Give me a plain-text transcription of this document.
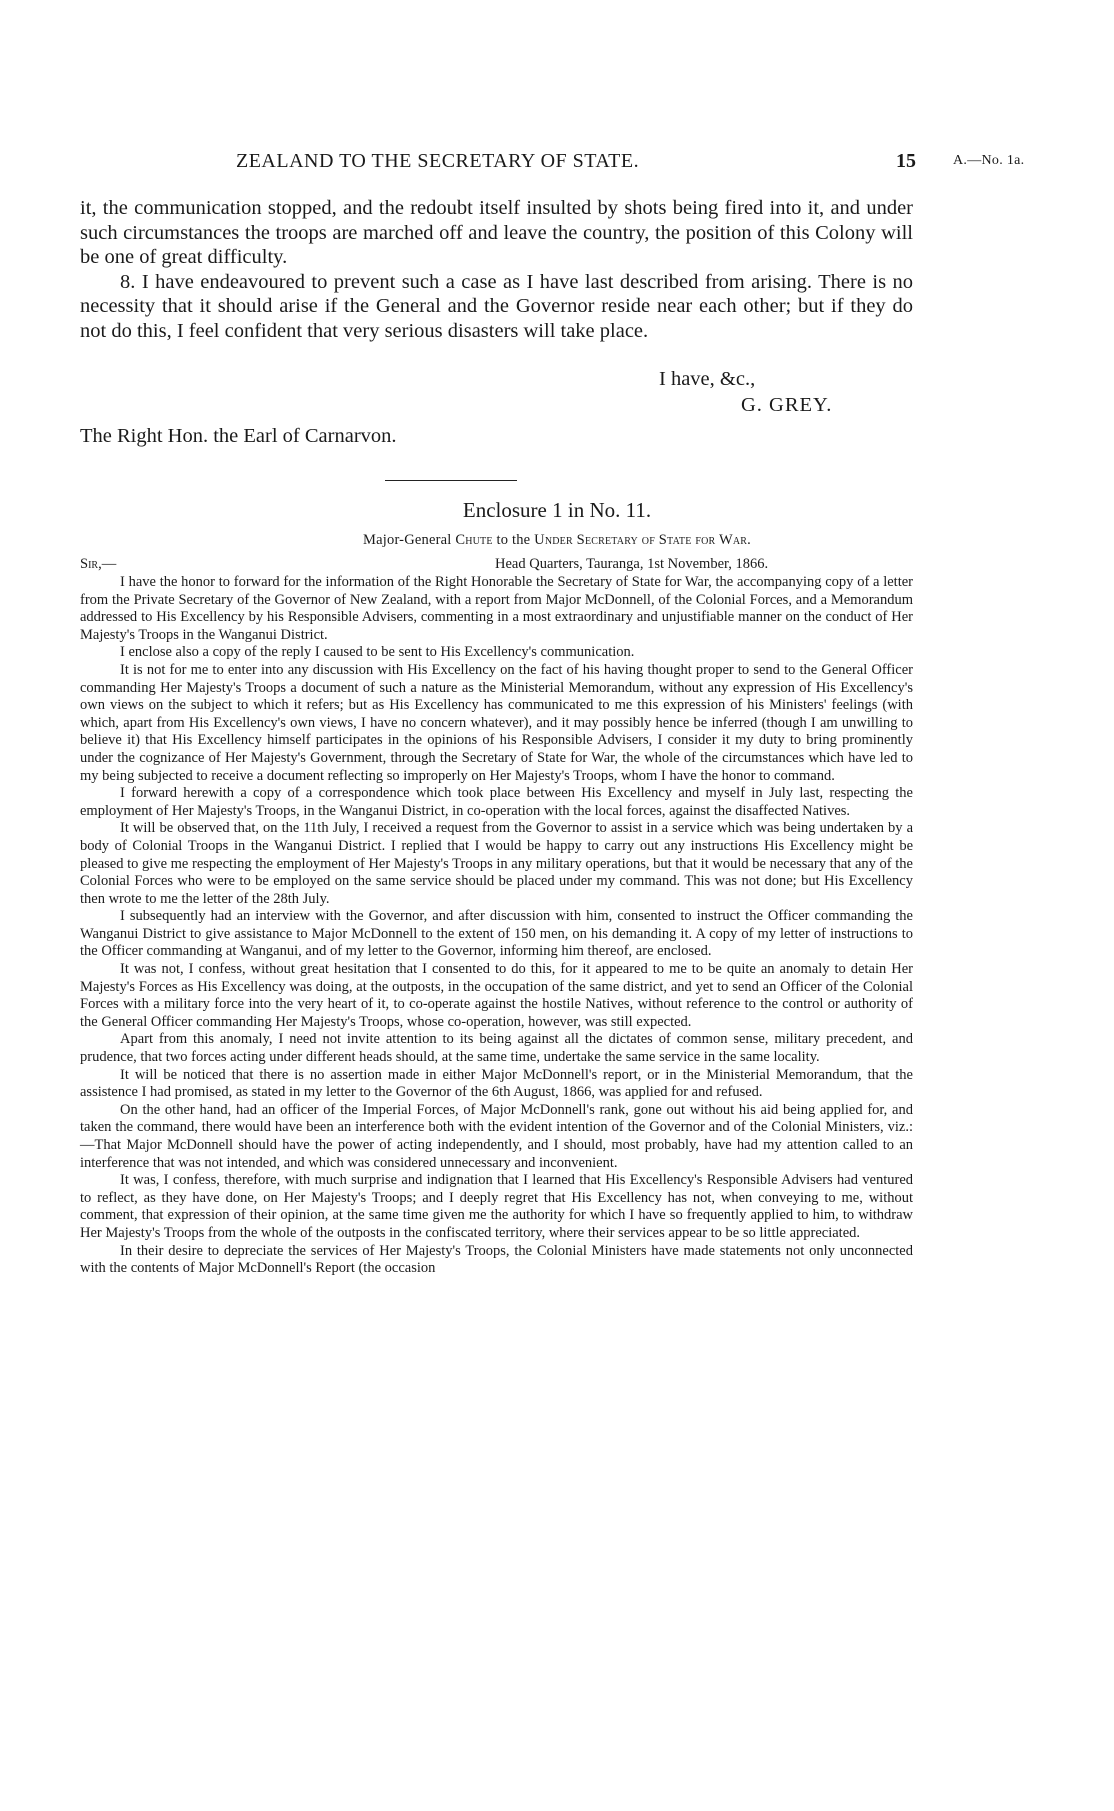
ZEALAND TO THE SECRETARY OF STATE.	15	A.—No. 1a.

it, the communication stopped, and the redoubt itself insulted by shots being fired into it, and under such circumstances the troops are marched off and leave the country, the position of this Colony will be one of great difficulty.

8. I have endeavoured to prevent such a case as I have last described from arising. There is no necessity that it should arise if the General and the Governor reside near each other; but if they do not do this, I feel confident that very serious disasters will take place.

I have, &c.,
G. GREY.
The Right Hon. the Earl of Carnarvon.
Enclosure 1 in No. 11.
Major-General Chute to the Under Secretary of State for War.
Sir,—	Head Quarters, Tauranga, 1st November, 1866.

I have the honor to forward for the information of the Right Honorable the Secretary of State for War, the accompanying copy of a letter from the Private Secretary of the Governor of New Zealand, with a report from Major McDonnell, of the Colonial Forces, and a Memorandum addressed to His Excellency by his Responsible Advisers, commenting in a most extraordinary and unjustifiable manner on the conduct of Her Majesty's Troops in the Wanganui District.

I enclose also a copy of the reply I caused to be sent to His Excellency's communication.

It is not for me to enter into any discussion with His Excellency on the fact of his having thought proper to send to the General Officer commanding Her Majesty's Troops a document of such a nature as the Ministerial Memorandum, without any expression of His Excellency's own views on the subject to which it refers; but as His Excellency has communicated to me this expression of his Ministers' feelings (with which, apart from His Excellency's own views, I have no concern whatever), and it may possibly hence be inferred (though I am unwilling to believe it) that His Excellency himself participates in the opinions of his Responsible Advisers, I consider it my duty to bring prominently under the cognizance of Her Majesty's Government, through the Secretary of State for War, the whole of the circumstances which have led to my being subjected to receive a document reflecting so improperly on Her Majesty's Troops, whom I have the honor to command.

I forward herewith a copy of a correspondence which took place between His Excellency and myself in July last, respecting the employment of Her Majesty's Troops, in the Wanganui District, in co-operation with the local forces, against the disaffected Natives.

It will be observed that, on the 11th July, I received a request from the Governor to assist in a service which was being undertaken by a body of Colonial Troops in the Wanganui District. I replied that I would be happy to carry out any instructions His Excellency might be pleased to give me respecting the employment of Her Majesty's Troops in any military operations, but that it would be necessary that any of the Colonial Forces who were to be employed on the same service should be placed under my command. This was not done; but His Excellency then wrote to me the letter of the 28th July.

I subsequently had an interview with the Governor, and after discussion with him, consented to instruct the Officer commanding the Wanganui District to give assistance to Major McDonnell to the extent of 150 men, on his demanding it. A copy of my letter of instructions to the Officer commanding at Wanganui, and of my letter to the Governor, informing him thereof, are enclosed.

It was not, I confess, without great hesitation that I consented to do this, for it appeared to me to be quite an anomaly to detain Her Majesty's Forces as His Excellency was doing, at the outposts, in the occupation of the same district, and yet to send an Officer of the Colonial Forces with a military force into the very heart of it, to co-operate against the hostile Natives, without reference to the control or authority of the General Officer commanding Her Majesty's Troops, whose co-operation, however, was still expected.

Apart from this anomaly, I need not invite attention to its being against all the dictates of common sense, military precedent, and prudence, that two forces acting under different heads should, at the same time, undertake the same service in the same locality.

It will be noticed that there is no assertion made in either Major McDonnell's report, or in the Ministerial Memorandum, that the assistence I had promised, as stated in my letter to the Governor of the 6th August, 1866, was applied for and refused.

On the other hand, had an officer of the Imperial Forces, of Major McDonnell's rank, gone out without his aid being applied for, and taken the command, there would have been an interference both with the evident intention of the Governor and of the Colonial Ministers, viz.:—That Major McDonnell should have the power of acting independently, and I should, most probably, have had my attention called to an interference that was not intended, and which was considered unnecessary and inconvenient.

It was, I confess, therefore, with much surprise and indignation that I learned that His Excellency's Responsible Advisers had ventured to reflect, as they have done, on Her Majesty's Troops; and I deeply regret that His Excellency has not, when conveying to me, without comment, that expression of their opinion, at the same time given me the authority for which I have so frequently applied to him, to withdraw Her Majesty's Troops from the whole of the outposts in the confiscated territory, where their services appear to be so little appreciated.

In their desire to depreciate the services of Her Majesty's Troops, the Colonial Ministers have made statements not only unconnected with the contents of Major McDonnell's Report (the occasion
